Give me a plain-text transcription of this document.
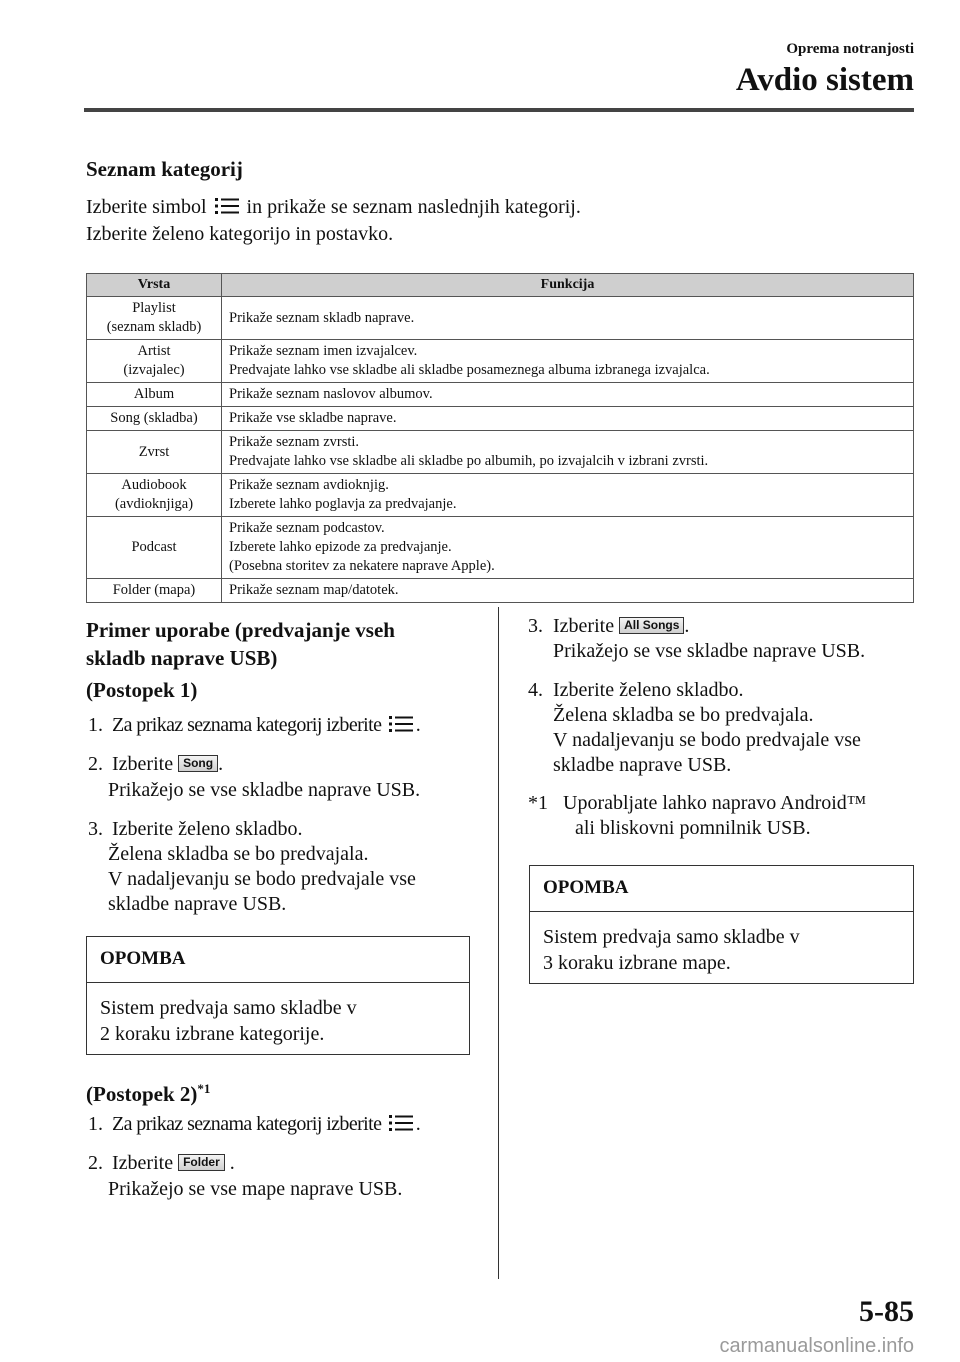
Oprema notranjosti
Avdio sistem
Seznam kategorij
Izberite simbol in prikaže se seznam naslednjih kategorij.
Izberite želeno kategorijo in postavko.
Vrsta	Funkcija

Playlist
(seznam skladb)	Prikaže seznam skladb naprave.

Artist
(izvajalec)	Prikaže seznam imen izvajalcev.
Predvajate lahko vse skladbe ali skladbe posameznega albuma izbranega izvajalca.

Album	Prikaže seznam naslovov albumov.

Song (skladba)	Prikaže vse skladbe naprave.

Zvrst	Prikaže seznam zvrsti.
Predvajate lahko vse skladbe ali skladbe po albumih, po izvajalcih v izbrani zvrsti.

Audiobook
(avdioknjiga)	Prikaže seznam avdioknjig.
Izberete lahko poglavja za predvajanje.

Podcast	Prikaže seznam podcastov.
Izberete lahko epizode za predvajanje.
(Posebna storitev za nekatere naprave Apple).

Folder (mapa)	Prikaže seznam map/datotek.
Primer uporabe (predvajanje vseh
skladb naprave USB)
(Postopek 1)
1. Za prikaz seznama kategorij izberite .
2. Izberite Song .
Prikažejo se vse skladbe naprave USB.
3. Izberite želeno skladbo.
Želena skladba se bo predvajala.
V nadaljevanju se bodo predvajale vse
skladbe naprave USB.
OPOMBA
Sistem predvaja samo skladbe v
2 koraku izbrane kategorije.
(Postopek 2)$^{*1}$
1. Za prikaz seznama kategorij izberite .
2. Izberite Folder .
Prikažejo se vse mape naprave USB.
3. Izberite All Songs .
Prikažejo se vse skladbe naprave USB.
4. Izberite želeno skladbo.
Želena skladba se bo predvajala.
V nadaljevanju se bodo predvajale vse
skladbe naprave USB.
*1 Uporabljate lahko napravo Android™
ali bliskovni pomnilnik USB.
OPOMBA
Sistem predvaja samo skladbe v
3 koraku izbrane mape.
5-85
carmanualsonline.info
